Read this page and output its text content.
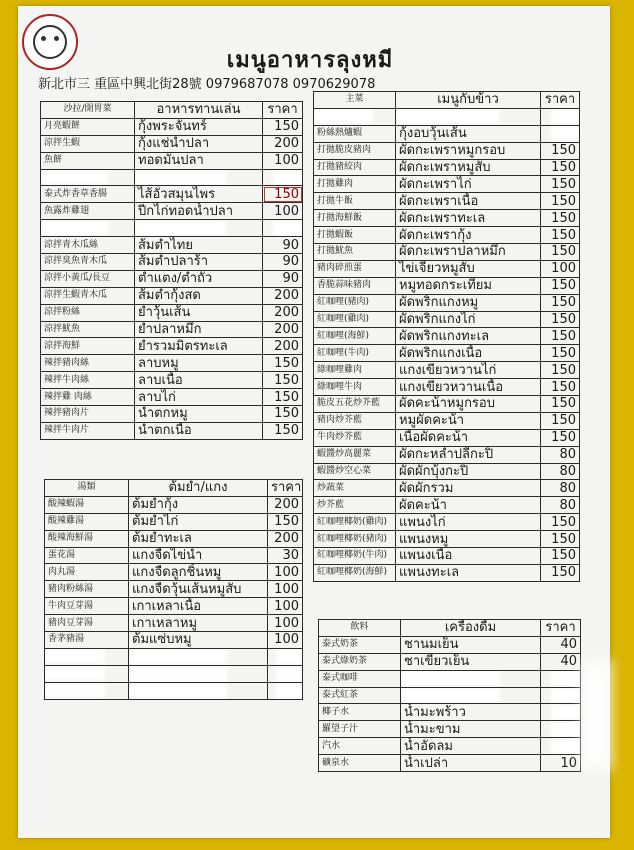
เมนูอาหารลุงหมี
新北市三 重區中興北街28號 0979687078 0970629078
沙拉/開胃菜	อาหารทานเล่น	ราคา
月亮蝦餅	กุ้งพระจันทร์	150
涼拌生蝦	กุ้งแช่น้ำปลา	200
魚餅	ทอดมันปลา	100

泰式炸香草香腸	ไส้อั่วสมุนไพร	150
魚露炸雞翅	ปีกไก่ทอดน้ำปลา	100

涼拌青木瓜絲	ส้มตำไทย	90
涼拌臭魚青木瓜	ส้มตำปลาร้า	90
涼拌小黃瓜/長豆	ตำแตง/ตำถั่ว	90
涼拌生蝦青木瓜	ส้มตำกุ้งสด	200
涼拌粉絲	ยำวุ้นเส้น	200
涼拌魷魚	ยำปลาหมึก	200
涼拌海鮮	ยำรวมมิตรทะเล	200
辣拌豬肉絲	ลาบหมู	150
辣拌牛肉絲	ลาบเนื้อ	150
辣拌雞 肉絲	ลาบไก่	150
辣拌豬肉片	น้ำตกหมู	150
辣拌牛肉片	น้ำตกเนื้อ	150
主菜	เมนูกับข้าว	ราคา

粉絲熱爐蝦	กุ้งอบวุ้นเส้น	
打拋脆皮豬肉	ผัดกะเพราหมูกรอบ	150
打拋豬絞肉	ผัดกะเพราหมูสับ	150
打拋雞肉	ผัดกะเพราไก่	150
打拋牛飯	ผัดกะเพราเนื้อ	150
打拋海鮮飯	ผัดกะเพราทะเล	150
打拋蝦飯	ผัดกะเพรากุ้ง	150
打拋魷魚	ผัดกะเพราปลาหมึก	150
豬肉碎煎蛋	ไข่เจียวหมูสับ	100
香脆蒜味豬肉	หมูทอดกระเทียม	150
紅咖哩(豬肉)	ผัดพริกแกงหมู	150
紅咖哩(雞肉)	ผัดพริกแกงไก่	150
紅咖哩(海鮮)	ผัดพริกแกงทะเล	150
紅咖哩(牛肉)	ผัดพริกแกงเนื้อ	150
綠咖哩雞肉	แกงเขียวหวานไก่	150
綠咖哩牛肉	แกงเขียวหวานเนื้อ	150
脆皮五花炒芥藍	ผัดคะน้าหมูกรอบ	150
豬肉炒芥藍	หมูผัดคะน้า	150
牛肉炒芥藍	เนื้อผัดคะน้า	150
蝦醬炒高麗菜	ผัดกะหล่ำปลีกะปิ	80
蝦醬炒空心菜	ผัดผักบุ้งกะปิ	80
炒蔬菜	ผัดผักรวม	80
炒芥藍	ผัดคะน้า	80
紅咖哩椰奶(雞肉)	แพนงไก่	150
紅咖哩椰奶(豬肉)	แพนงหมู	150
紅咖哩椰奶(牛肉)	แพนงเนื้อ	150
紅咖哩椰奶(海鮮)	แพนงทะเล	150
湯類	ต้มยำ/แกง	ราคา
酸辣蝦湯	ต้มยำกุ้ง	200
酸辣雞湯	ต้มยำไก่	150
酸辣海鮮湯	ต้มยำทะเล	200
蛋花湯	แกงจืดไข่น้ำ	30
肉丸湯	แกงจืดลูกชิ้นหมู	100
豬肉粉絲湯	แกงจืดวุ้นเส้นหมูสับ	100
牛肉豆芽湯	เกาเหลาเนื้อ	100
豬肉豆芽湯	เกาเหลาหมู	100
香茅豬湯	ต้มแซ่บหมู	100

飲料	เครื่องดื่ม	ราคา
泰式奶茶	ชานมเย็น	40
泰式綠奶茶	ชาเขียวเย็น	40
泰式咖啡		
泰式紅茶		
椰子水	น้ำมะพร้าว	
羅望子汁	น้ำมะขาม	
汽水	น้ำอัดลม	
礦泉水	น้ำเปล่า	10
